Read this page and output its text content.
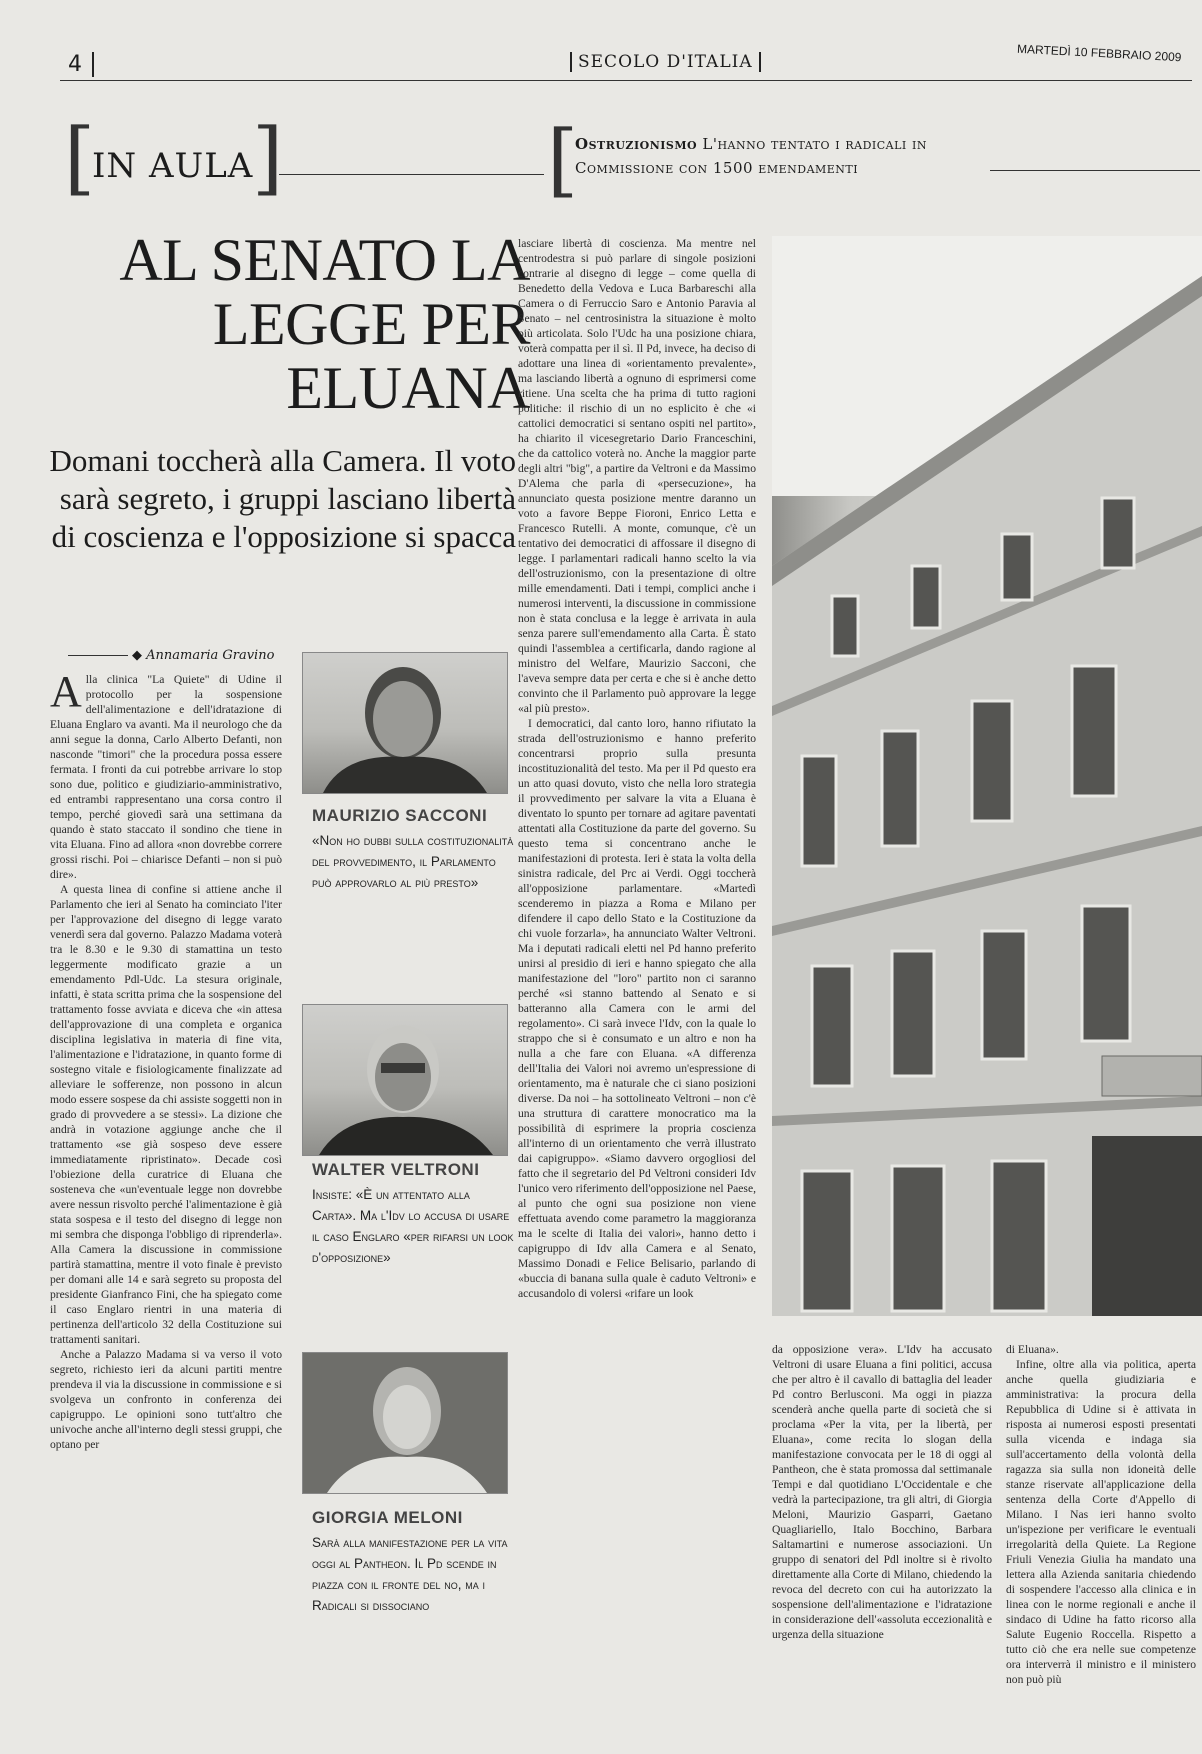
4	SECOLO D'ITALIA	MARTEDÌ 10 FEBBRAIO 2009
[
IN AULA
]	[
Ostruzionismo L'hanno tentato i radicali in Commissione con 1500 emendamenti
AL SENATO LA LEGGE PER ELUANA
Domani toccherà alla Camera. Il voto sarà segreto, i gruppi lasciano libertà di coscienza e l'opposizione si spacca
◆ Annamaria Gravino

Alla clinica "La Quiete" di Udine il protocollo per la sospensione dell'alimentazione e dell'idratazione di Eluana Englaro va avanti. Ma il neurologo che da anni segue la donna, Carlo Alberto Defanti, non nasconde "timori" che la procedura possa essere fermata. I fronti da cui potrebbe arrivare lo stop sono due, politico e giudiziario-amministrativo, ed entrambi rappresentano una corsa contro il tempo, perché giovedì sarà una settimana da quando è stato staccato il sondino che tiene in vita Eluana. Fino ad allora «non dovrebbe correre grossi rischi. Poi – chiarisce Defanti – non si può dire».

A questa linea di confine si attiene anche il Parlamento che ieri al Senato ha cominciato l'iter per l'approvazione del disegno di legge varato venerdì sera dal governo. Palazzo Madama voterà tra le 8.30 e le 9.30 di stamattina un testo leggermente modificato grazie a un emendamento Pdl-Udc. La stesura originale, infatti, è stata scritta prima che la sospensione del trattamento fosse avviata e diceva che «in attesa dell'approvazione di una completa e organica disciplina legislativa in materia di fine vita, l'alimentazione e l'idratazione, in quanto forme di sostegno vitale e fisiologicamente finalizzate ad alleviare le sofferenze, non possono in alcun modo essere sospese da chi assiste soggetti non in grado di provvedere a se stessi». La dizione che andrà in votazione aggiunge anche che il trattamento «se già sospeso deve essere immediatamente ripristinato». Decade così l'obiezione della curatrice di Eluana che sosteneva che «un'eventuale legge non dovrebbe avere nessun risvolto perché l'alimentazione è già stata sospesa e il testo del disegno di legge non mi sembra che disponga l'obbligo di riprenderla». Alla Camera la discussione in commissione partirà stamattina, mentre il voto finale è previsto per domani alle 14 e sarà segreto su proposta del presidente Gianfranco Fini, che ha spiegato come il caso Englaro rientri in una materia di pertinenza dell'articolo 32 della Costituzione sui trattamenti sanitari.

Anche a Palazzo Madama si va verso il voto segreto, richiesto ieri da alcuni partiti mentre prendeva il via la discussione in commissione e si svolgeva un confronto in conferenza dei capigruppo. Le opinioni sono tutt'altro che univoche anche all'interno degli stessi gruppi, che optano per

MAURIZIO SACCONI
«Non ho dubbi sulla costituzionalità del provvedimento, il Parlamento può approvarlo al più presto»
WALTER VELTRONI
Insiste: «È un attentato alla Carta». Ma l'Idv lo accusa di usare il caso Englaro «per rifarsi un look d'opposizione»
GIORGIA MELONI
Sarà alla manifestazione per la vita oggi al Pantheon. Il Pd scende in piazza con il fronte del no, ma i Radicali si dissociano

lasciare libertà di coscienza. Ma mentre nel centrodestra si può parlare di singole posizioni contrarie al disegno di legge – come quella di Benedetto della Vedova e Luca Barbareschi alla Camera o di Ferruccio Saro e Antonio Paravia al Senato – nel centrosinistra la situazione è molto più articolata. Solo l'Udc ha una posizione chiara, voterà compatta per il sì. Il Pd, invece, ha deciso di adottare una linea di «orientamento prevalente», ma lasciando libertà a ognuno di esprimersi come ritiene. Una scelta che ha prima di tutto ragioni politiche: il rischio di un no esplicito è che «i cattolici democratici si sentano ospiti nel partito», ha chiarito il vicesegretario Dario Franceschini, che da cattolico voterà no. Anche la maggior parte degli altri "big", a partire da Veltroni e da Massimo D'Alema che parla di «persecuzione», ha annunciato questa posizione mentre daranno un voto a favore Beppe Fioroni, Enrico Letta e Francesco Rutelli. A monte, comunque, c'è un tentativo dei democratici di affossare il disegno di legge. I parlamentari radicali hanno scelto la via dell'ostruzionismo, con la presentazione di oltre mille emendamenti. Dati i tempi, complici anche i numerosi interventi, la discussione in commissione non è stata conclusa e la legge è arrivata in aula senza parere sull'emendamento alla Carta. È stato quindi l'assemblea a certificarla, dando ragione al ministro del Welfare, Maurizio Sacconi, che l'aveva sempre data per certa e che si è anche detto convinto che il Parlamento può approvare la legge «al più presto».

I democratici, dal canto loro, hanno rifiutato la strada dell'ostruzionismo e hanno preferito concentrarsi proprio sulla presunta incostituzionalità del testo. Ma per il Pd questo era un atto quasi dovuto, visto che nella loro strategia il provvedimento per salvare la vita a Eluana è diventato lo spunto per tornare ad agitare paventati attentati alla Costituzione da parte del governo. Su questo tema si concentrano anche le manifestazioni di protesta. Ieri è stata la volta della sinistra radicale, del Prc ai Verdi. Oggi toccherà all'opposizione parlamentare. «Martedì scenderemo in piazza a Roma e Milano per difendere il capo dello Stato e la Costituzione da chi vuole forzarla», ha annunciato Walter Veltroni. Ma i deputati radicali eletti nel Pd hanno preferito unirsi al presidio di ieri e hanno spiegato che alla manifestazione del "loro" partito non ci saranno perché «si stanno battendo al Senato e si batteranno alla Camera con le armi del regolamento». Ci sarà invece l'Idv, con la quale lo strappo che si è consumato e un altro e non ha nulla a che fare con Eluana. «A differenza dell'Italia dei Valori noi avremo un'espressione di orientamento, ma è naturale che ci siano posizioni diverse. Da noi – ha sottolineato Veltroni – non c'è una struttura di carattere monocratico ma la possibilità di esprimere la propria coscienza all'interno di un orientamento che verrà illustrato dai capigruppo». «Siamo davvero orgogliosi del fatto che il segretario del Pd Veltroni consideri Idv l'unico vero riferimento dell'opposizione nel Paese, al punto che ogni sua posizione non viene effettuata avendo come parametro la maggioranza ma le scelte di Italia dei valori», hanno detto i capigruppo di Idv alla Camera e al Senato, Massimo Donadi e Felice Belisario, parlando di «buccia di banana sulla quale è caduto Veltroni» e accusandolo di volersi «rifare un look

da opposizione vera». L'Idv ha accusato Veltroni di usare Eluana a fini politici, accusa che per altro è il cavallo di battaglia del leader Pd contro Berlusconi. Ma oggi in piazza scenderà anche quella parte di società che si proclama «Per la vita, per la libertà, per Eluana», come recita lo slogan della manifestazione convocata per le 18 di oggi al Pantheon, che è stata promossa dal settimanale Tempi e dal quotidiano L'Occidentale e che vedrà la partecipazione, tra gli altri, di Giorgia Meloni, Maurizio Gasparri, Gaetano Quagliariello, Italo Bocchino, Barbara Saltamartini e numerose associazioni. Un gruppo di senatori del Pdl inoltre si è rivolto direttamente alla Corte di Milano, chiedendo la revoca del decreto con cui ha autorizzato la sospensione dell'alimentazione e l'idratazione in considerazione dell'«assoluta eccezionalità e urgenza della situazione

di Eluana».

Infine, oltre alla via politica, aperta anche quella giudiziaria e amministrativa: la procura della Repubblica di Udine si è attivata in risposta ai numerosi esposti presentati sulla vicenda e indaga sia sull'accertamento della volontà della ragazza sia sulla non idoneità delle stanze riservate all'applicazione della sentenza della Corte d'Appello di Milano. I Nas ieri hanno svolto un'ispezione per verificare le eventuali irregolarità della Quiete. La Regione Friuli Venezia Giulia ha mandato una lettera alla Azienda sanitaria chiedendo di sospendere l'accesso alla clinica e in linea con le norme regionali e anche il sindaco di Udine ha fatto ricorso alla Salute Eugenio Roccella. Rispetto a tutto ciò che era nelle sue competenze ora interverrà il ministro e il ministero non può più
